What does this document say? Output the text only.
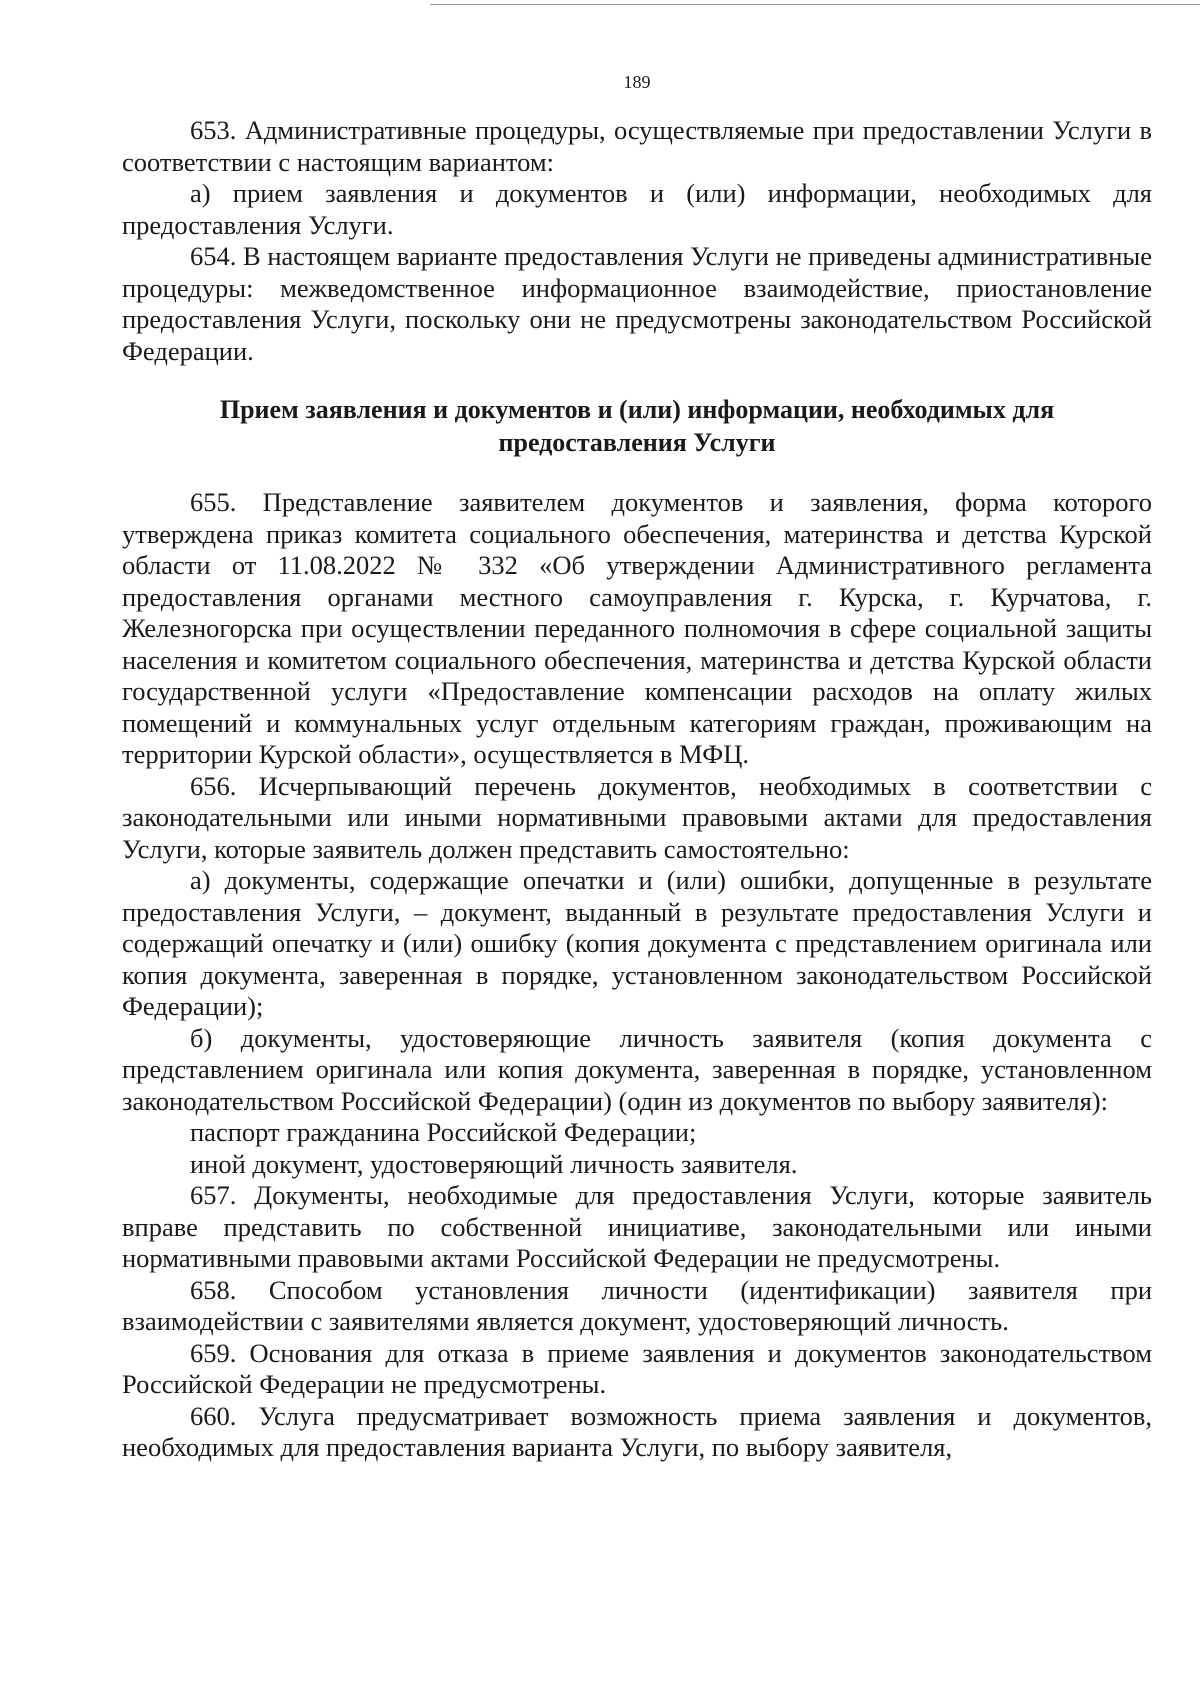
189

653. Административные процедуры, осуществляемые при предоставлении Услуги в соответствии с настоящим вариантом:

а) прием заявления и документов и (или) информации, необходимых для предоставления Услуги.

654. В настоящем варианте предоставления Услуги не приведены административные процедуры: межведомственное информационное взаимодействие, приостановление предоставления Услуги, поскольку они не предусмотрены законодательством Российской Федерации.

Прием заявления и документов и (или) информации, необходимых для предоставления Услуги

655. Представление заявителем документов и заявления, форма которого утверждена приказ комитета социального обеспечения, материнства и детства Курской области от 11.08.2022 № 332 «Об утверждении Административного регламента предоставления органами местного самоуправления г. Курска, г. Курчатова, г. Железногорска при осуществлении переданного полномочия в сфере социальной защиты населения и комитетом социального обеспечения, материнства и детства Курской области государственной услуги «Предоставление компенсации расходов на оплату жилых помещений и коммунальных услуг отдельным категориям граждан, проживающим на территории Курской области», осуществляется в МФЦ.

656. Исчерпывающий перечень документов, необходимых в соответствии с законодательными или иными нормативными правовыми актами для предоставления Услуги, которые заявитель должен представить самостоятельно:

а) документы, содержащие опечатки и (или) ошибки, допущенные в результате предоставления Услуги, – документ, выданный в результате предоставления Услуги и содержащий опечатку и (или) ошибку (копия документа с представлением оригинала или копия документа, заверенная в порядке, установленном законодательством Российской Федерации);

б) документы, удостоверяющие личность заявителя (копия документа с представлением оригинала или копия документа, заверенная в порядке, установленном законодательством Российской Федерации) (один из документов по выбору заявителя):

паспорт гражданина Российской Федерации;

иной документ, удостоверяющий личность заявителя.

657. Документы, необходимые для предоставления Услуги, которые заявитель вправе представить по собственной инициативе, законодательными или иными нормативными правовыми актами Российской Федерации не предусмотрены.

658. Способом установления личности (идентификации) заявителя при взаимодействии с заявителями является документ, удостоверяющий личность.

659. Основания для отказа в приеме заявления и документов законодательством Российской Федерации не предусмотрены.

660. Услуга предусматривает возможность приема заявления и документов, необходимых для предоставления варианта Услуги, по выбору заявителя,
